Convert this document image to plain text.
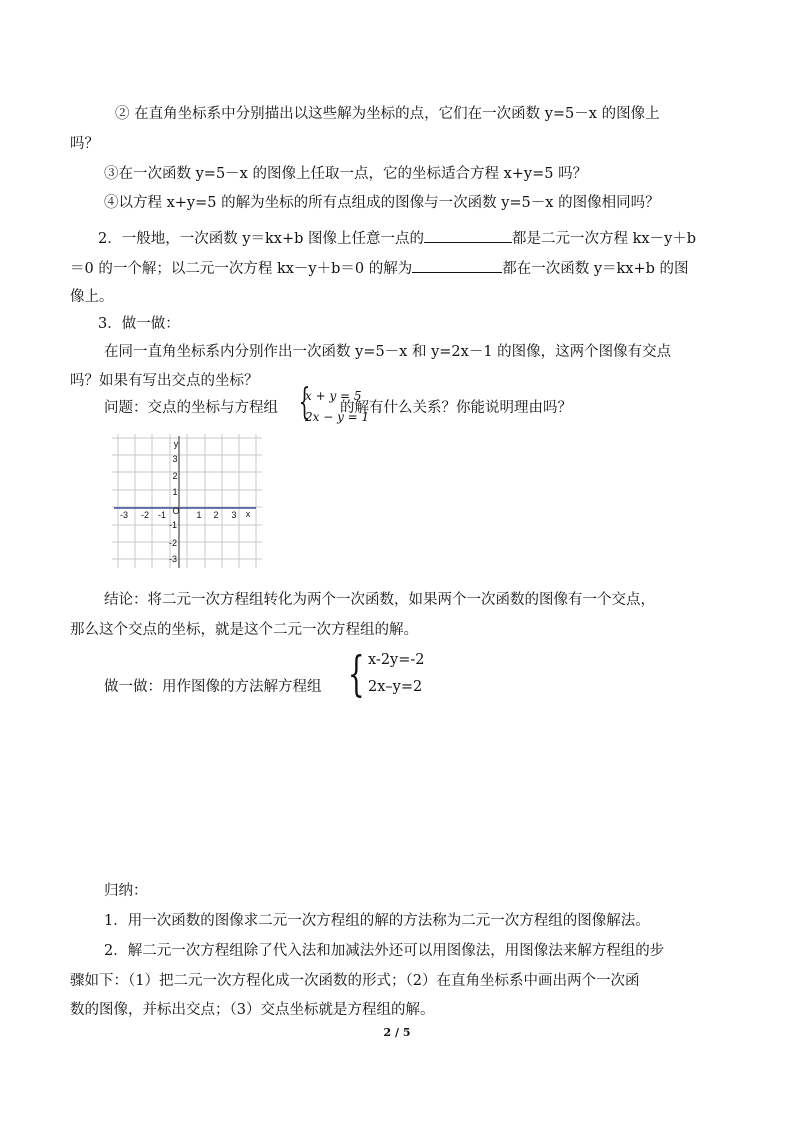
② 在直角坐标系中分别描出以这些解为坐标的点，它们在一次函数 y=5－x 的图像上
吗？
③在一次函数 y=5－x 的图像上任取一点，它的坐标适合方程 x+y=5 吗？
④以方程 x+y=5 的解为坐标的所有点组成的图像与一次函数 y=5－x 的图像相同吗？
2．一般地，一次函数 y＝kx+b 图像上任意一点的	都是二元一次方程 kx－y＋b
＝0 的一个解；以二元一次方程 kx－y＋b＝0 的解为	都在一次函数 y＝kx+b 的图
像上。
3．做一做：
在同一直角坐标系内分别作出一次函数 y=5－x 和 y=2x－1 的图像，这两个图像有交点
吗？如果有写出交点的坐标？
问题：交点的坐标与方程组	的解有什么关系？你能说明理由吗？
{
x + y = 5
2x − y = 1
-3 -2 -1 O 1 2 3 x
3
2
1
-1
-2
-3
y
结论：将二元一次方程组转化为两个一次函数，如果两个一次函数的图像有一个交点，
那么这个交点的坐标，就是这个二元一次方程组的解。
做一做：用作图像的方法解方程组 { x-2y=-2
2x–y=2
归纳：
1．用一次函数的图像求二元一次方程组的解的方法称为二元一次方程组的图像解法。
2．解二元一次方程组除了代入法和加减法外还可以用图像法，用图像法来解方程组的步
骤如下：（1）把二元一次方程化成一次函数的形式；（2）在直角坐标系中画出两个一次函
数的图像，并标出交点；（3）交点坐标就是方程组的解。
2 / 5
